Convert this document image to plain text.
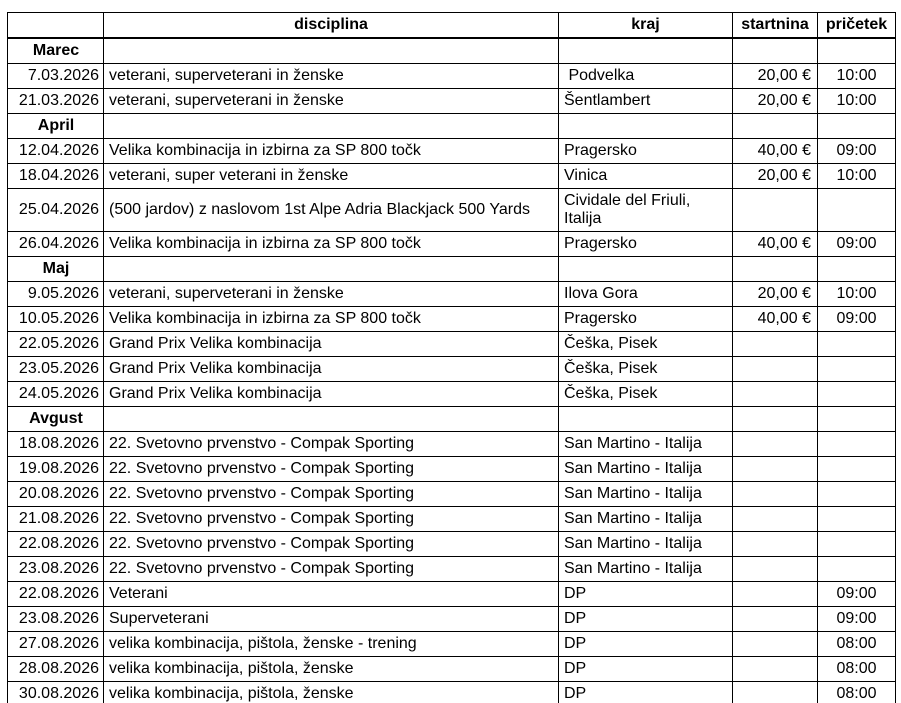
	disciplina	kraj	startnina	pričetek
Marec				
7.03.2026	veterani, superveterani in ženske	Podvelka	20,00 €	10:00
21.03.2026	veterani, superveterani in ženske	Šentlambert	20,00 €	10:00
April				
12.04.2026	Velika kombinacija in izbirna za SP 800 točk	Pragersko	40,00 €	09:00
18.04.2026	veterani, super veterani in ženske	Vinica	20,00 €	10:00
25.04.2026	(500 jardov) z naslovom 1st Alpe Adria Blackjack 500 Yards	Cividale del Friuli, Italija		
26.04.2026	Velika kombinacija in izbirna za SP 800 točk	Pragersko	40,00 €	09:00
Maj				
9.05.2026	veterani, superveterani in ženske	Ilova Gora	20,00 €	10:00
10.05.2026	Velika kombinacija in izbirna za SP 800 točk	Pragersko	40,00 €	09:00
22.05.2026	Grand Prix Velika kombinacija	Češka, Pisek		
23.05.2026	Grand Prix Velika kombinacija	Češka, Pisek		
24.05.2026	Grand Prix Velika kombinacija	Češka, Pisek		
Avgust				
18.08.2026	22. Svetovno prvenstvo - Compak Sporting	San Martino - Italija		
19.08.2026	22. Svetovno prvenstvo - Compak Sporting	San Martino - Italija		
20.08.2026	22. Svetovno prvenstvo - Compak Sporting	San Martino - Italija		
21.08.2026	22. Svetovno prvenstvo - Compak Sporting	San Martino - Italija		
22.08.2026	22. Svetovno prvenstvo - Compak Sporting	San Martino - Italija		
23.08.2026	22. Svetovno prvenstvo - Compak Sporting	San Martino - Italija		
22.08.2026	Veterani	DP		09:00
23.08.2026	Superveterani	DP		09:00
27.08.2026	velika kombinacija, pištola, ženske - trening	DP		08:00
28.08.2026	velika kombinacija, pištola, ženske	DP		08:00
30.08.2026	velika kombinacija, pištola, ženske	DP		08:00
